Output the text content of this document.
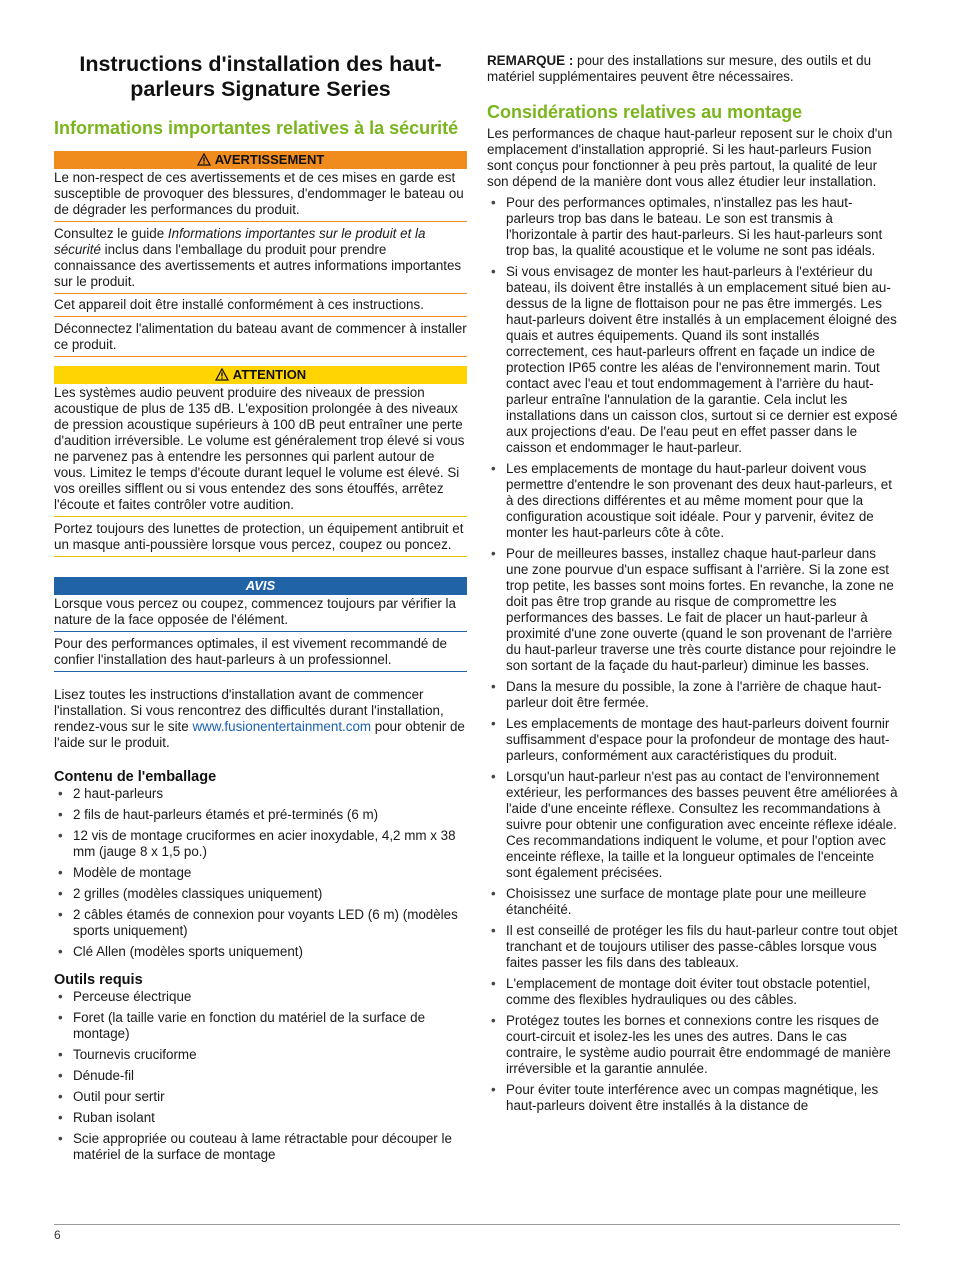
Instructions d'installation des haut-parleurs Signature Series
Informations importantes relatives à la sécurité
AVERTISSEMENT

Le non-respect de ces avertissements et de ces mises en garde est susceptible de provoquer des blessures, d'endommager le bateau ou de dégrader les performances du produit.

Consultez le guide Informations importantes sur le produit et la sécurité inclus dans l'emballage du produit pour prendre connaissance des avertissements et autres informations importantes sur le produit.

Cet appareil doit être installé conformément à ces instructions.

Déconnectez l'alimentation du bateau avant de commencer à installer ce produit.

ATTENTION

Les systèmes audio peuvent produire des niveaux de pression acoustique de plus de 135 dB. L'exposition prolongée à des niveaux de pression acoustique supérieurs à 100 dB peut entraîner une perte d'audition irréversible. Le volume est généralement trop élevé si vous ne parvenez pas à entendre les personnes qui parlent autour de vous. Limitez le temps d'écoute durant lequel le volume est élevé. Si vos oreilles sifflent ou si vous entendez des sons étouffés, arrêtez l'écoute et faites contrôler votre audition.

Portez toujours des lunettes de protection, un équipement antibruit et un masque anti-poussière lorsque vous percez, coupez ou poncez.

AVIS

Lorsque vous percez ou coupez, commencez toujours par vérifier la nature de la face opposée de l'élément.

Pour des performances optimales, il est vivement recommandé de confier l'installation des haut-parleurs à un professionnel.

Lisez toutes les instructions d'installation avant de commencer l'installation. Si vous rencontrez des difficultés durant l'installation, rendez-vous sur le site www.fusionentertainment.com pour obtenir de l'aide sur le produit.

Contenu de l'emballage
• 2 haut-parleurs
• 2 fils de haut-parleurs étamés et pré-terminés (6 m)
• 12 vis de montage cruciformes en acier inoxydable, 4,2 mm x 38 mm (jauge 8 x 1,5 po.)
• Modèle de montage
• 2 grilles (modèles classiques uniquement)
• 2 câbles étamés de connexion pour voyants LED (6 m) (modèles sports uniquement)
• Clé Allen (modèles sports uniquement)
Outils requis
• Perceuse électrique
• Foret (la taille varie en fonction du matériel de la surface de montage)
• Tournevis cruciforme
• Dénude-fil
• Outil pour sertir
• Ruban isolant
• Scie appropriée ou couteau à lame rétractable pour découper le matériel de la surface de montage

REMARQUE : pour des installations sur mesure, des outils et du matériel supplémentaires peuvent être nécessaires.

Considérations relatives au montage

Les performances de chaque haut-parleur reposent sur le choix d'un emplacement d'installation approprié. Si les haut-parleurs Fusion sont conçus pour fonctionner à peu près partout, la qualité de leur son dépend de la manière dont vous allez étudier leur installation.

• Pour des performances optimales, n'installez pas les haut-parleurs trop bas dans le bateau. Le son est transmis à l'horizontale à partir des haut-parleurs. Si les haut-parleurs sont trop bas, la qualité acoustique et le volume ne sont pas idéals.
• Si vous envisagez de monter les haut-parleurs à l'extérieur du bateau, ils doivent être installés à un emplacement situé bien au-dessus de la ligne de flottaison pour ne pas être immergés. Les haut-parleurs doivent être installés à un emplacement éloigné des quais et autres équipements. Quand ils sont installés correctement, ces haut-parleurs offrent en façade un indice de protection IP65 contre les aléas de l'environnement marin. Tout contact avec l'eau et tout endommagement à l'arrière du haut-parleur entraîne l'annulation de la garantie. Cela inclut les installations dans un caisson clos, surtout si ce dernier est exposé aux projections d'eau. De l'eau peut en effet passer dans le caisson et endommager le haut-parleur.
• Les emplacements de montage du haut-parleur doivent vous permettre d'entendre le son provenant des deux haut-parleurs, et à des directions différentes et au même moment pour que la configuration acoustique soit idéale. Pour y parvenir, évitez de monter les haut-parleurs côte à côte.
• Pour de meilleures basses, installez chaque haut-parleur dans une zone pourvue d'un espace suffisant à l'arrière. Si la zone est trop petite, les basses sont moins fortes. En revanche, la zone ne doit pas être trop grande au risque de compromettre les performances des basses. Le fait de placer un haut-parleur à proximité d'une zone ouverte (quand le son provenant de l'arrière du haut-parleur traverse une très courte distance pour rejoindre le son sortant de la façade du haut-parleur) diminue les basses.
• Dans la mesure du possible, la zone à l'arrière de chaque haut-parleur doit être fermée.
• Les emplacements de montage des haut-parleurs doivent fournir suffisamment d'espace pour la profondeur de montage des haut-parleurs, conformément aux caractéristiques du produit.
• Lorsqu'un haut-parleur n'est pas au contact de l'environnement extérieur, les performances des basses peuvent être améliorées à l'aide d'une enceinte réflexe. Consultez les recommandations à suivre pour obtenir une configuration avec enceinte réflexe idéale. Ces recommandations indiquent le volume, et pour l'option avec enceinte réflexe, la taille et la longueur optimales de l'enceinte sont également précisées.
• Choisissez une surface de montage plate pour une meilleure étanchéité.
• Il est conseillé de protéger les fils du haut-parleur contre tout objet tranchant et de toujours utiliser des passe-câbles lorsque vous faites passer les fils dans des tableaux.
• L'emplacement de montage doit éviter tout obstacle potentiel, comme des flexibles hydrauliques ou des câbles.
• Protégez toutes les bornes et connexions contre les risques de court-circuit et isolez-les les unes des autres. Dans le cas contraire, le système audio pourrait être endommagé de manière irréversible et la garantie annulée.
• Pour éviter toute interférence avec un compas magnétique, les haut-parleurs doivent être installés à la distance de
6
